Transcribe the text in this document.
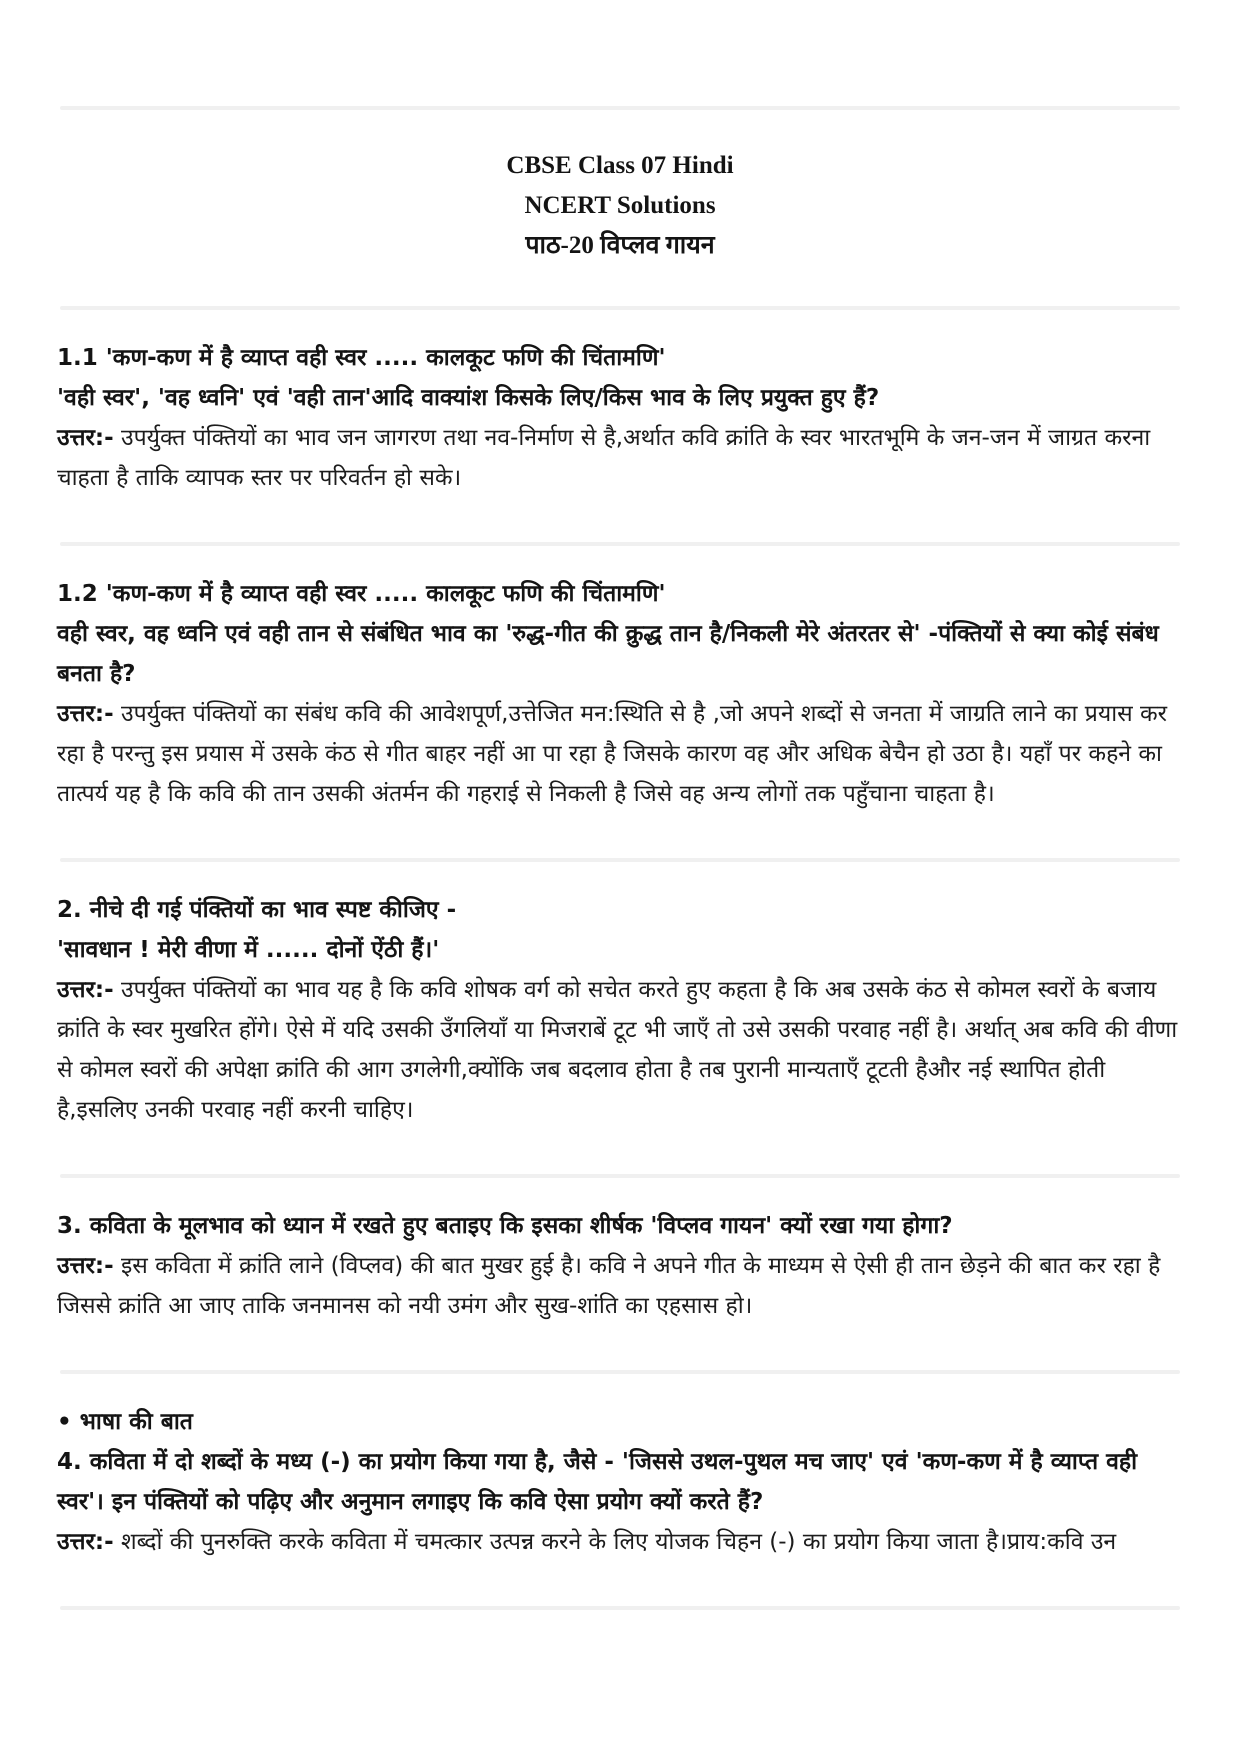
CBSE Class 07 Hindi

NCERT Solutions

पाठ-20 विप्लव गायन

1.1 'कण-कण में है व्याप्त वही स्वर ..... कालकूट फणि की चिंतामणि'

'वही स्वर', 'वह ध्वनि' एवं 'वही तान'आदि वाक्यांश किसके लिए/किस भाव के लिए प्रयुक्त हुए हैं?

उत्तर:- उपर्युक्त पंक्तियों का भाव जन जागरण तथा नव-निर्माण से है,अर्थात कवि क्रांति के स्वर भारतभूमि के जन-जन में जाग्रत करना चाहता है ताकि व्यापक स्तर पर परिवर्तन हो सके।

1.2 'कण-कण में है व्याप्त वही स्वर ..... कालकूट फणि की चिंतामणि'

वही स्वर, वह ध्वनि एवं वही तान से संबंधित भाव का 'रुद्ध-गीत की क्रुद्ध तान है/निकली मेरे अंतरतर से' -पंक्तियों से क्या कोई संबंध बनता है?

उत्तर:- उपर्युक्त पंक्तियों का संबंध कवि की आवेशपूर्ण,उत्तेजित मन:स्थिति से है ,जो अपने शब्दों से जनता में जाग्रति लाने का प्रयास कर रहा है परन्तु इस प्रयास में उसके कंठ से गीत बाहर नहीं आ पा रहा है जिसके कारण वह और अधिक बेचैन हो उठा है। यहाँ पर कहने का तात्पर्य यह है कि कवि की तान उसकी अंतर्मन की गहराई से निकली है जिसे वह अन्य लोगों तक पहुँचाना चाहता है।

2. नीचे दी गई पंक्तियों का भाव स्पष्ट कीजिए -

'सावधान ! मेरी वीणा में ...... दोनों ऐंठी हैं।'

उत्तर:- उपर्युक्त पंक्तियों का भाव यह है कि कवि शोषक वर्ग को सचेत करते हुए कहता है कि अब उसके कंठ से कोमल स्वरों के बजाय क्रांति के स्वर मुखरित होंगे। ऐसे में यदि उसकी उँगलियाँ या मिजराबें टूट भी जाएँ तो उसे उसकी परवाह नहीं है। अर्थात् अब कवि की वीणा से कोमल स्वरों की अपेक्षा क्रांति की आग उगलेगी,क्योंकि जब बदलाव होता है तब पुरानी मान्यताएँ टूटती हैऔर नई स्थापित होती है,इसलिए उनकी परवाह नहीं करनी चाहिए।

3. कविता के मूलभाव को ध्यान में रखते हुए बताइए कि इसका शीर्षक 'विप्लव गायन' क्यों रखा गया होगा?

उत्तर:- इस कविता में क्रांति लाने (विप्लव) की बात मुखर हुई है। कवि ने अपने गीत के माध्यम से ऐसी ही तान छेड़ने की बात कर रहा है जिससे क्रांति आ जाए ताकि जनमानस को नयी उमंग और सुख-शांति का एहसास हो।

• भाषा की बात

4. कविता में दो शब्दों के मध्य (-) का प्रयोग किया गया है, जैसे - 'जिससे उथल-पुथल मच जाए' एवं 'कण-कण में है व्याप्त वही स्वर'। इन पंक्तियों को पढ़िए और अनुमान लगाइए कि कवि ऐसा प्रयोग क्यों करते हैं?

उत्तर:- शब्दों की पुनरुक्ति करके कविता में चमत्कार उत्पन्न करने के लिए योजक चिहन (-) का प्रयोग किया जाता है।प्राय:कवि उन
